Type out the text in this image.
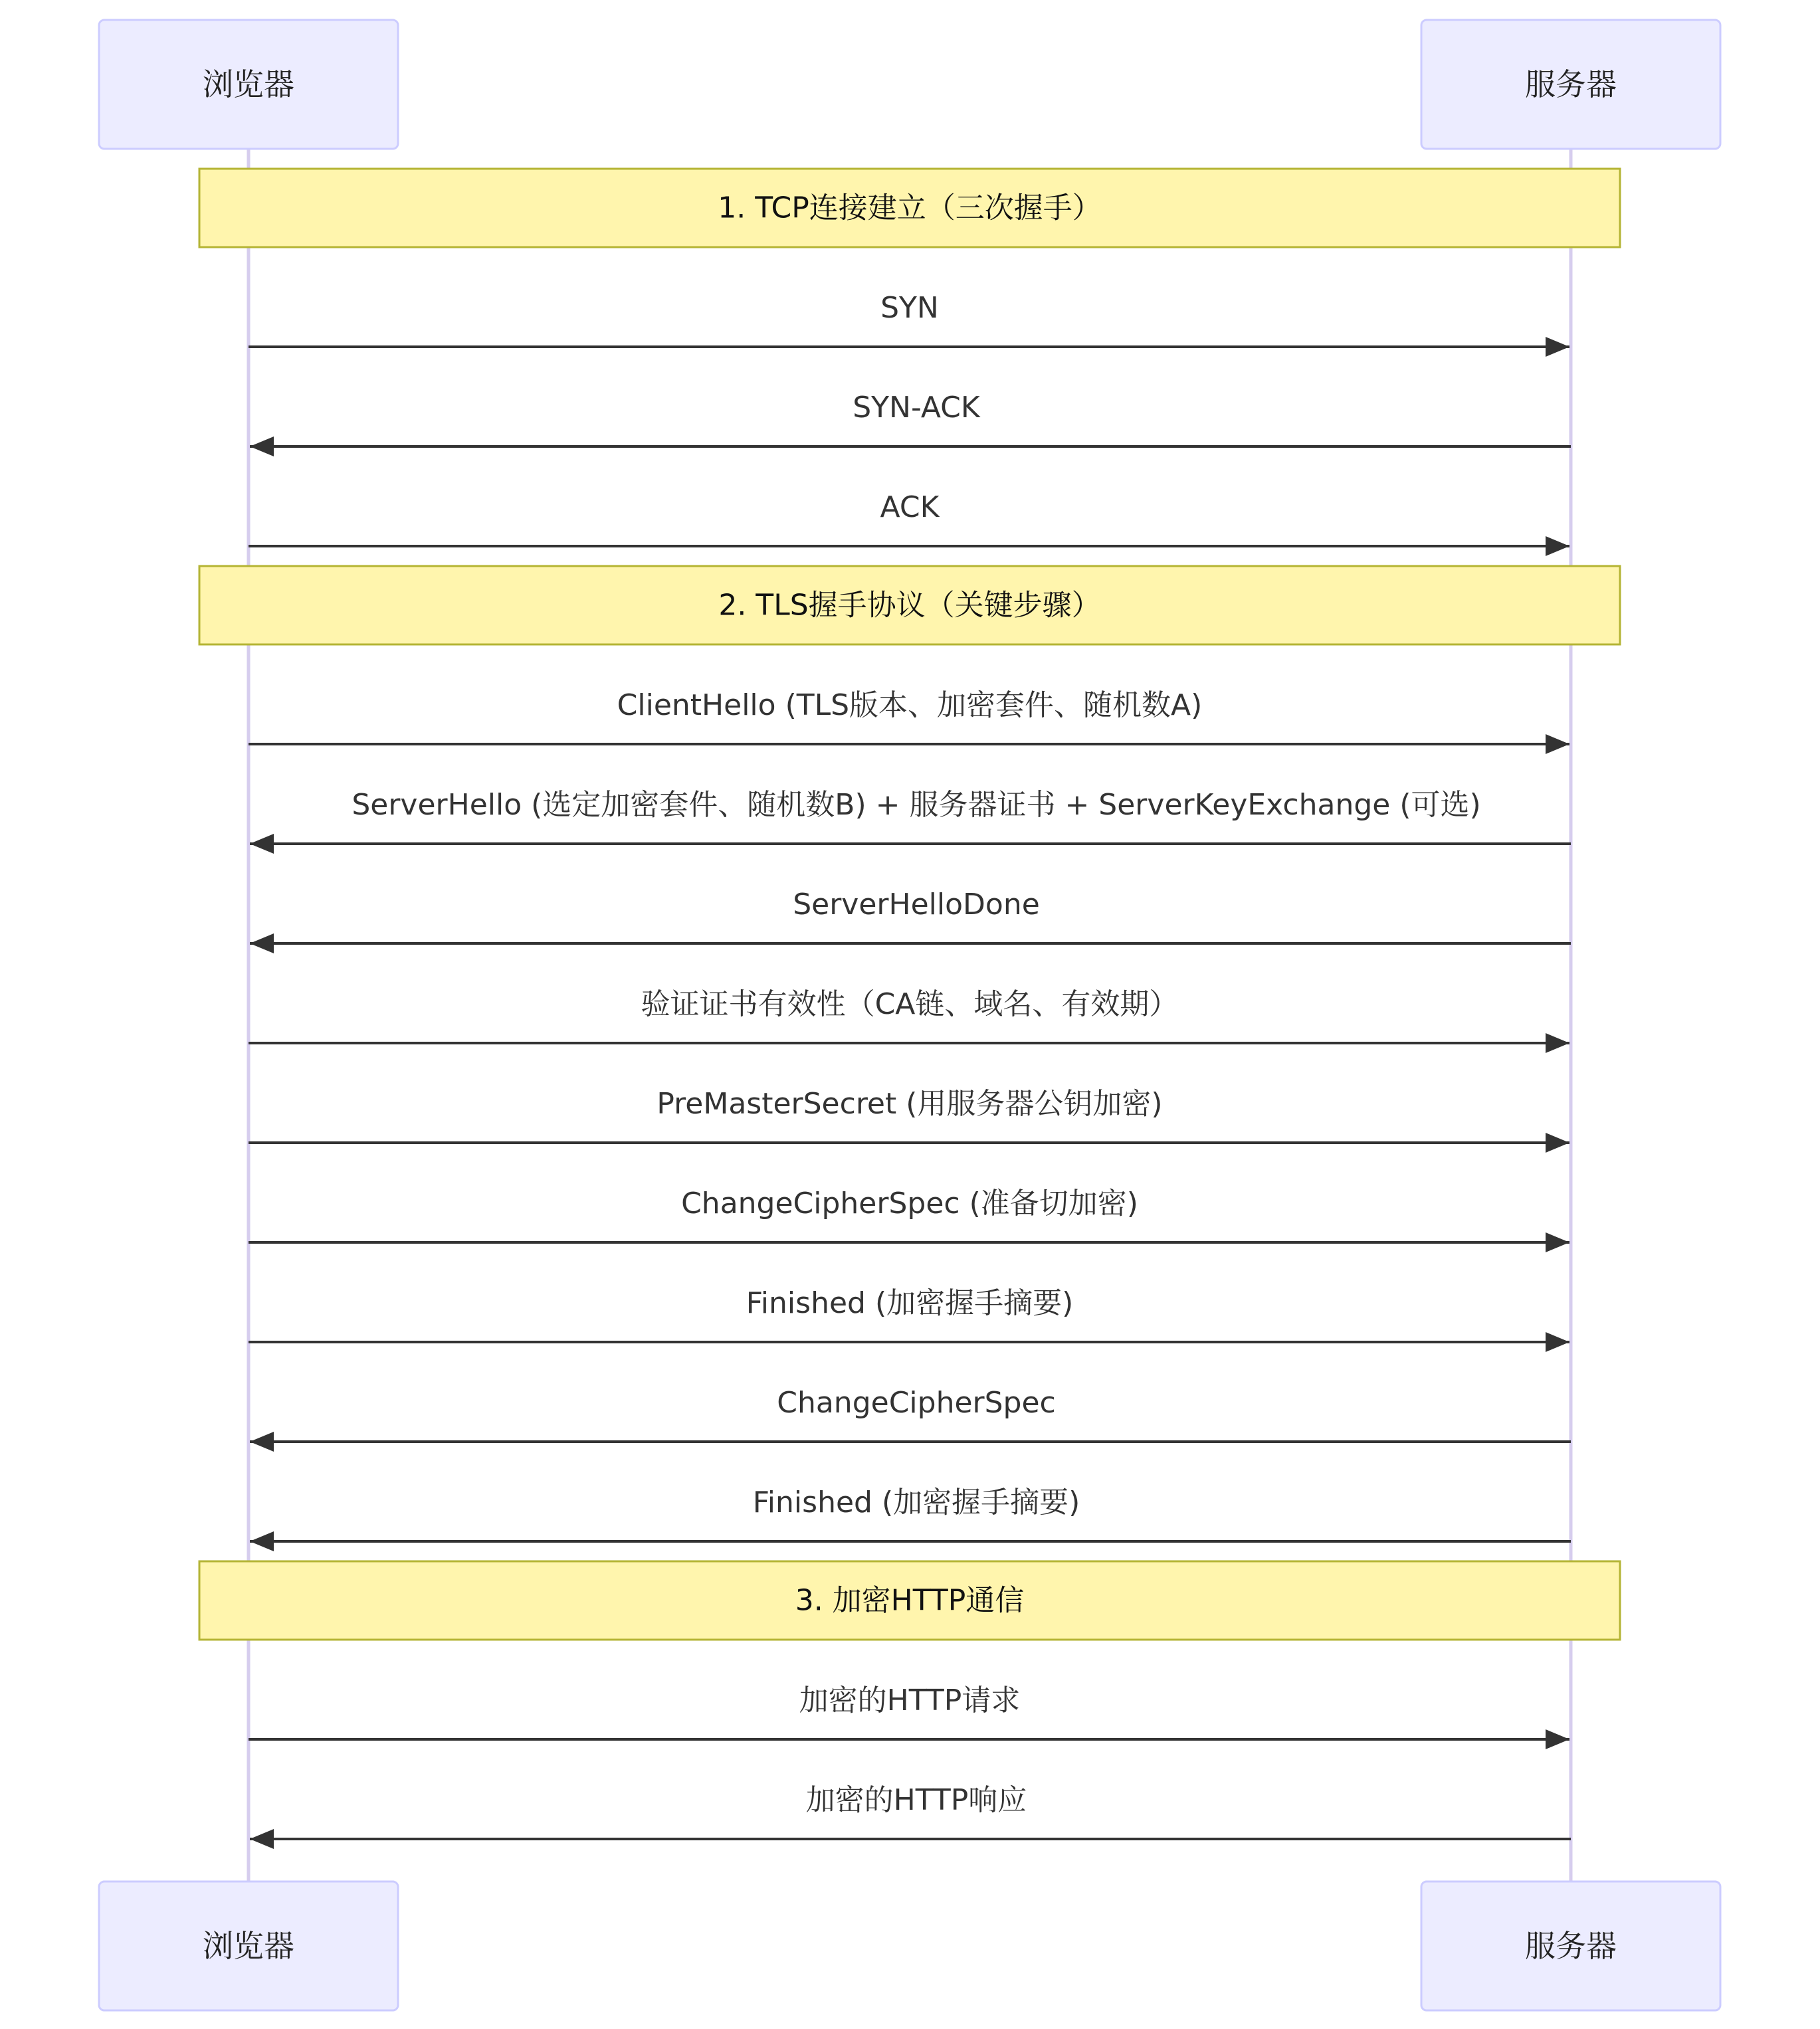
1. TCP连接建立（三次握手）
2. TLS握手协议（关键步骤）
3. 加密HTTP通信
SYN
SYN-ACK
ACK
ClientHello (TLS版本、加密套件、随机数A)
ServerHello (选定加密套件、随机数B) + 服务器证书 + ServerKeyExchange (可选)
ServerHelloDone
验证证书有效性（CA链、域名、有效期）
PreMasterSecret (用服务器公钥加密)
ChangeCipherSpec (准备切加密)
Finished (加密握手摘要)
ChangeCipherSpec
Finished (加密握手摘要)
加密的HTTP请求
加密的HTTP响应
浏览器
浏览器
服务器
服务器
